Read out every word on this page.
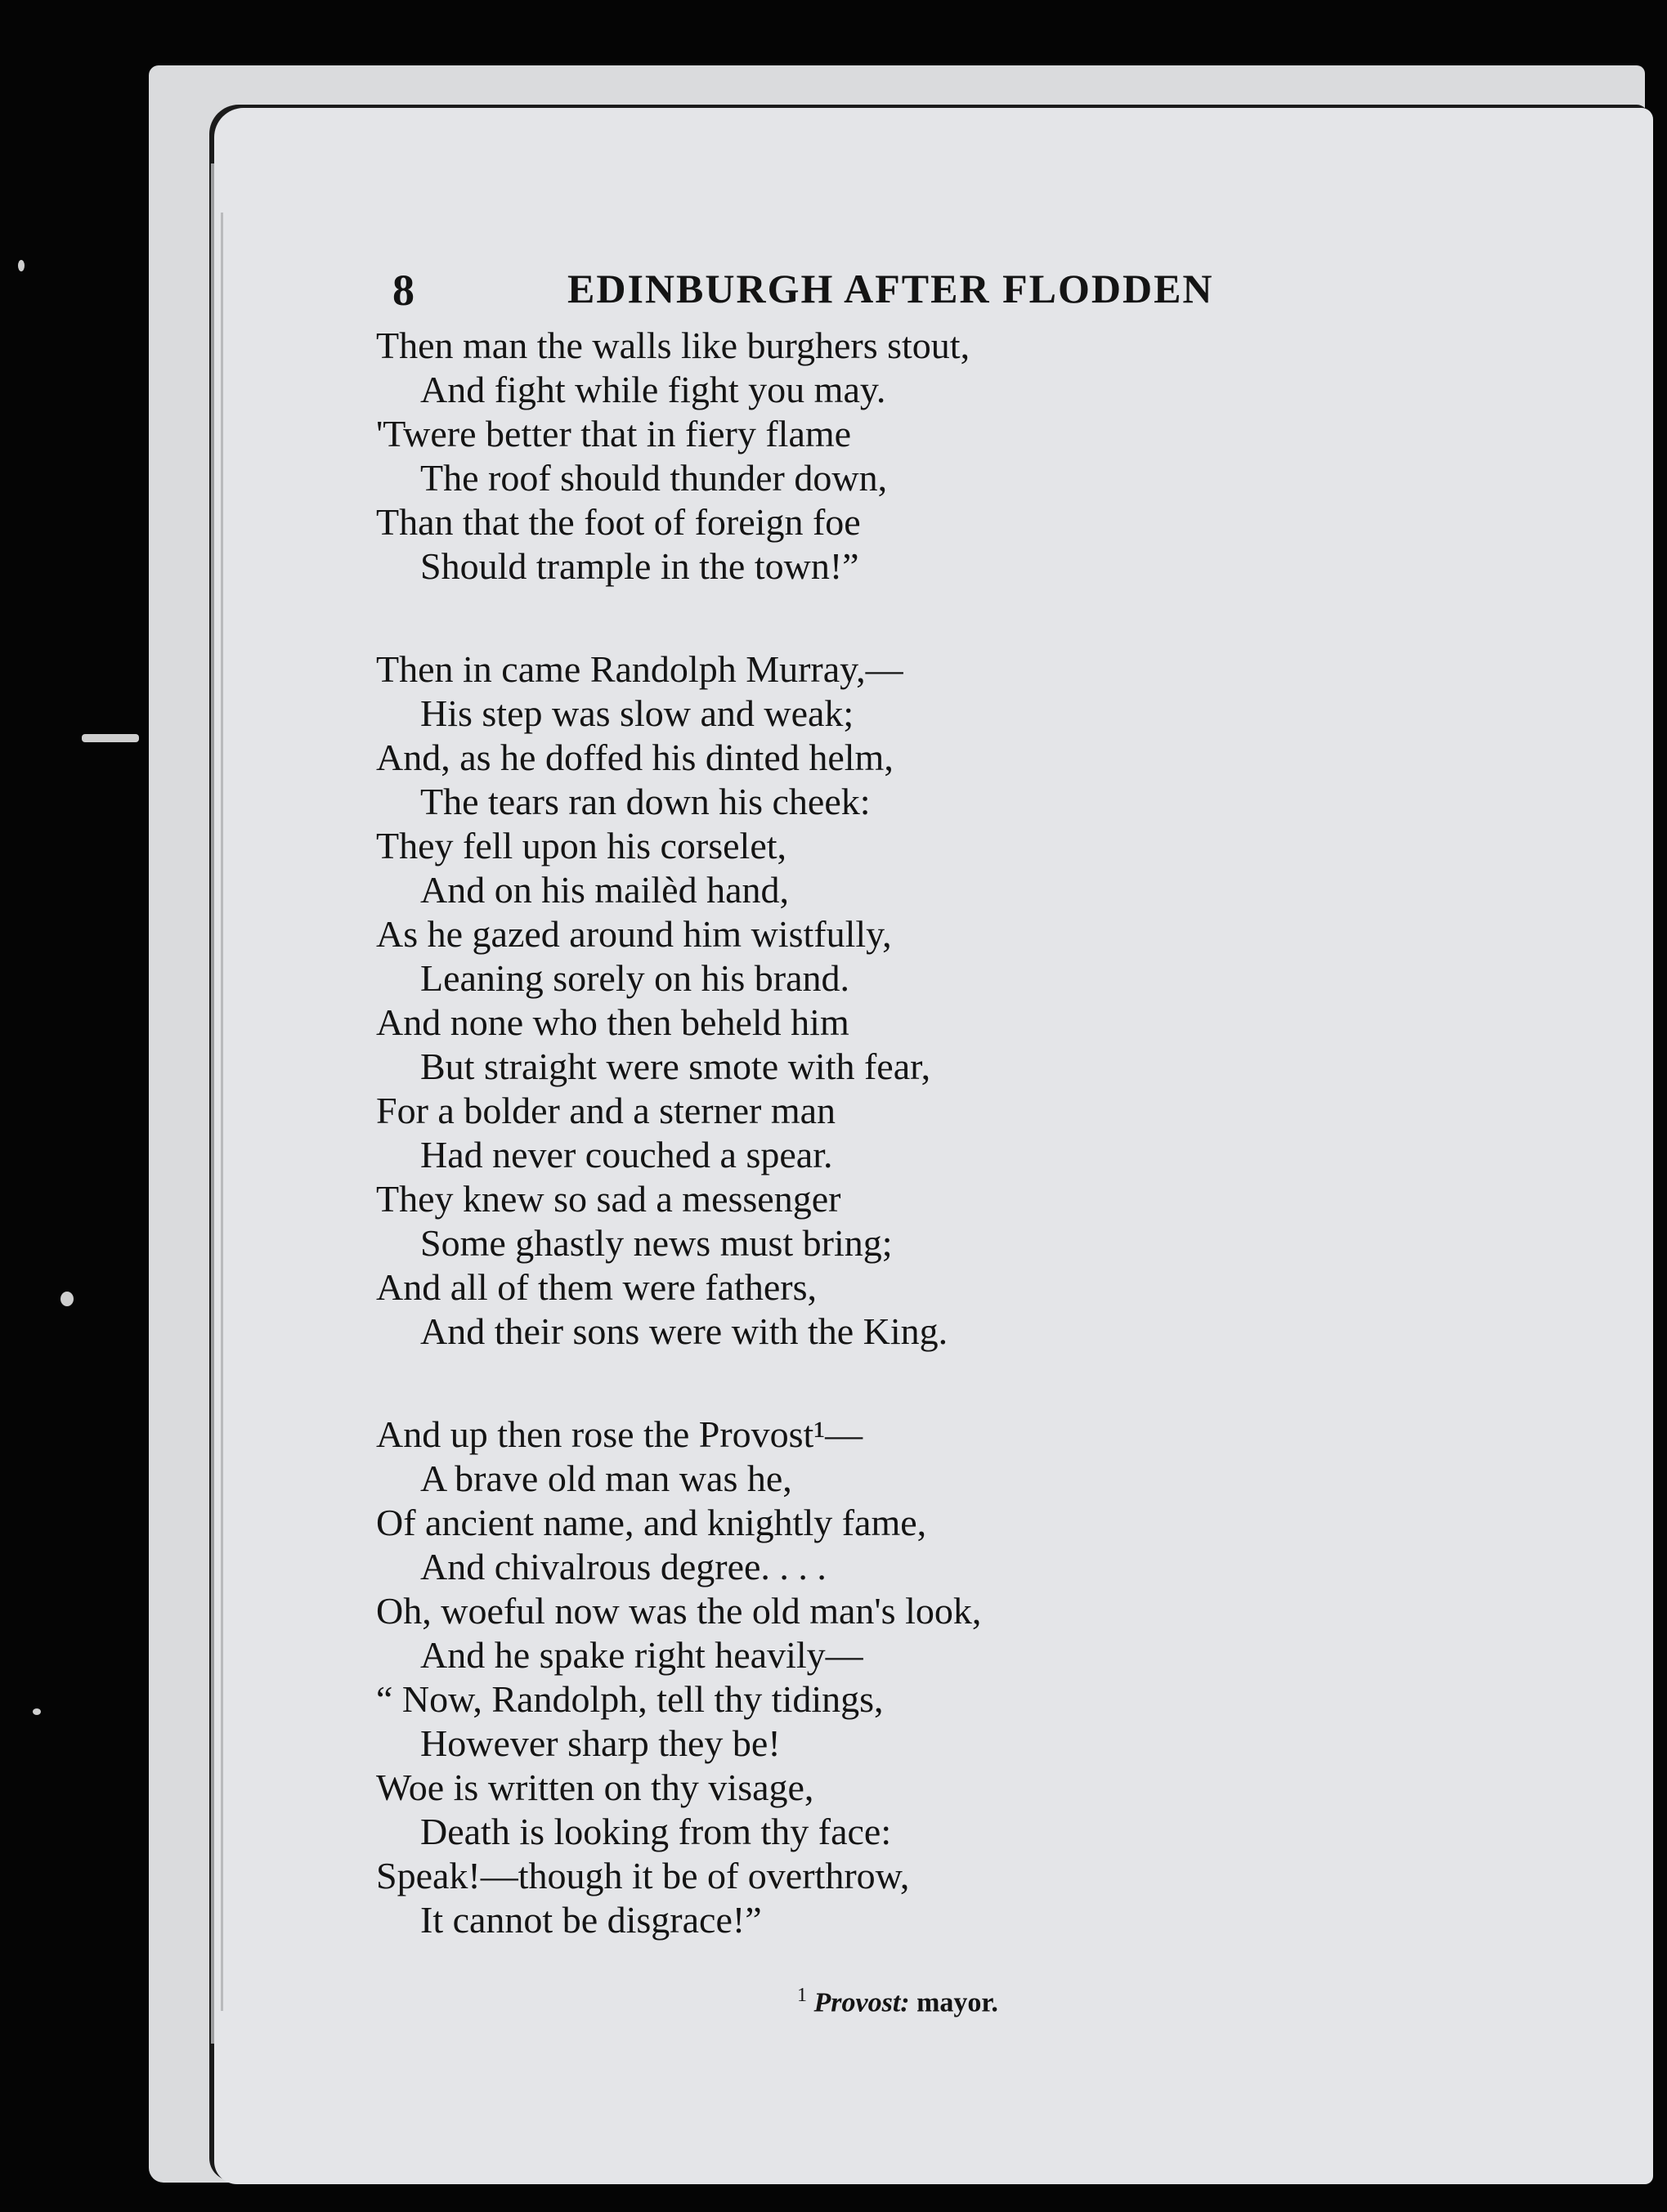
8	EDINBURGH AFTER FLODDEN
Then man the walls like burghers stout,
And fight while fight you may.
'Twere better that in fiery flame
The roof should thunder down,
Than that the foot of foreign foe
Should trample in the town!”
Then in came Randolph Murray,—
His step was slow and weak;
And, as he doffed his dinted helm,
The tears ran down his cheek:
They fell upon his corselet,
And on his mailèd hand,
As he gazed around him wistfully,
Leaning sorely on his brand.
And none who then beheld him
But straight were smote with fear,
For a bolder and a sterner man
Had never couched a spear.
They knew so sad a messenger
Some ghastly news must bring;
And all of them were fathers,
And their sons were with the King.
And up then rose the Provost¹—
A brave old man was he,
Of ancient name, and knightly fame,
And chivalrous degree. . . .
Oh, woeful now was the old man's look,
And he spake right heavily—
“ Now, Randolph, tell thy tidings,
However sharp they be!
Woe is written on thy visage,
Death is looking from thy face:
Speak!—though it be of overthrow,
It cannot be disgrace!”
$^1$ Provost: mayor.
